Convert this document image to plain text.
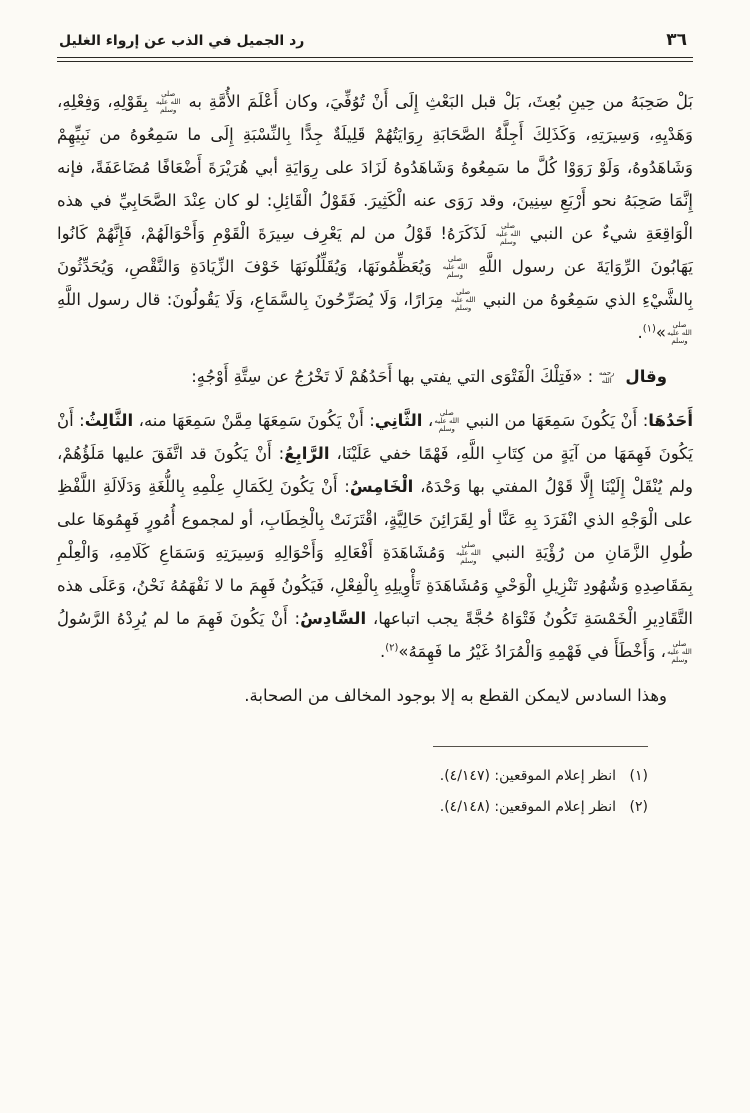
٣٦
رد الجميل في الذب عن إرواء الغليل

بَلْ صَحِبَهُ من حِينِ بُعِثَ، بَلْ قبل البَعْثِ إِلَى أَنْ تُوُفِّيَ، وكان أَعْلَمَ الأُمَّةِ به صلى الله عليه وسلم بِقَوْلِهِ، وَفِعْلِهِ، وَهَدْيِهِ، وَسِيرَتِهِ، وَكَذَلِكَ أَجِلَّةُ الصَّحَابَةِ رِوَايَتُهُمْ قَلِيلَةٌ جِدًّا بِالنِّسْبَةِ إِلَى ما سَمِعُوهُ من نَبِيِّهِمْ وَشَاهَدُوهُ، وَلَوْ رَوَوْا كُلَّ ما سَمِعُوهُ وَشَاهَدُوهُ لَزَادَ على رِوَايَةِ أبي هُرَيْرَةَ أَضْعَافًا مُضَاعَفَةً، فإنه إِنَّمَا صَحِبَهُ نحو أَرْبَعِ سِنِينَ، وقد رَوَى عنه الْكَثِيرَ. فَقَوْلُ الْقَائِلِ: لو كان عِنْدَ الصَّحَابِيِّ في هذه الْوَاقِعَةِ شيءٌ عن النبي صلى الله عليه وسلم لَذَكَرَهُ! قَوْلُ من لم يَعْرِف سِيرَةَ الْقَوْمِ وَأَحْوَالَهُمْ، فَإِنَّهُمْ كَانُوا يَهَابُونَ الرِّوَايَةَ عن رسول اللَّهِ صلى الله عليه وسلم وَيُعَظِّمُونَهَا، وَيُقَلِّلُونَهَا خَوْفَ الزِّيَادَةِ وَالنَّقْصِ، وَيُحَدِّثُونَ بِالشَّيْءِ الذي سَمِعُوهُ من النبي صلى الله عليه وسلم مِرَارًا، وَلَا يُصَرِّحُونَ بِالسَّمَاعِ، وَلَا يَقُولُونَ: قال رسول اللَّهِ صلى الله عليه وسلم»$^{(١)}$.

وقال رحمه الله: «فَتِلْكَ الْفَتْوَى التي يفتي بها أَحَدُهُمْ لَا تَخْرُجُ عن سِتَّةِ أَوْجُهٍ:

أَحَدُهَا: أَنْ يَكُونَ سَمِعَهَا من النبي صلى الله عليه وسلم، الثَّانِي: أَنْ يَكُونَ سَمِعَهَا مِمَّنْ سَمِعَهَا منه، الثَّالِثُ: أَنْ يَكُونَ فَهِمَهَا من آيَةٍ من كِتَابِ اللَّهِ، فَهْمًا خفي عَلَيْنَا، الرَّابِعُ: أَنْ يَكُونَ قد اتَّفَقَ عليها مَلَؤُهُمْ، ولم يُنْقَلْ إِلَيْنَا إِلَّا قَوْلُ المفتي بها وَحْدَهُ، الْخَامِسُ: أَنْ يَكُونَ لِكَمَالِ عِلْمِهِ بِاللُّغَةِ وَدَلَالَةِ اللَّفْظِ على الْوَجْهِ الذي انْفَرَدَ بِهِ عَنَّا أو لِقَرَائِنَ حَالِيَّةٍ، اقْتَرَنَتْ بِالْخِطَابِ، أو لمجموع أُمُورٍ فَهِمُوهَا على طُولِ الزَّمَانِ من رُؤْيَةِ النبي صلى الله عليه وسلم وَمُشَاهَدَةِ أَفْعَالِهِ وَأَحْوَالِهِ وَسِيرَتِهِ وَسَمَاعِ كَلَامِهِ، وَالْعِلْمِ بِمَقَاصِدِهِ وَشُهُودِ تَنْزِيلِ الْوَحْيِ وَمُشَاهَدَةِ تَأْوِيلِهِ بِالْفِعْلِ، فَيَكُونُ فَهِمَ ما لا نَفْهَمُهُ نَحْنُ، وَعَلَى هذه التَّقَادِيرِ الْخَمْسَةِ تَكُونُ فَتْوَاهُ حُجَّةً يجب اتباعها، السَّادِسُ: أَنْ يَكُونَ فَهِمَ ما لم يُرِدْهُ الرَّسُولُ صلى الله عليه وسلم، وَأَخْطَأَ في فَهْمِهِ وَالْمُرَادُ غَيْرُ ما فَهِمَهُ»$^{(٢)}$.

وهذا السادس لايمكن القطع به إلا بوجود المخالف من الصحابة.

(١) انظر إعلام الموقعين: (٤/١٤٧).
(٢) انظر إعلام الموقعين: (٤/١٤٨).
